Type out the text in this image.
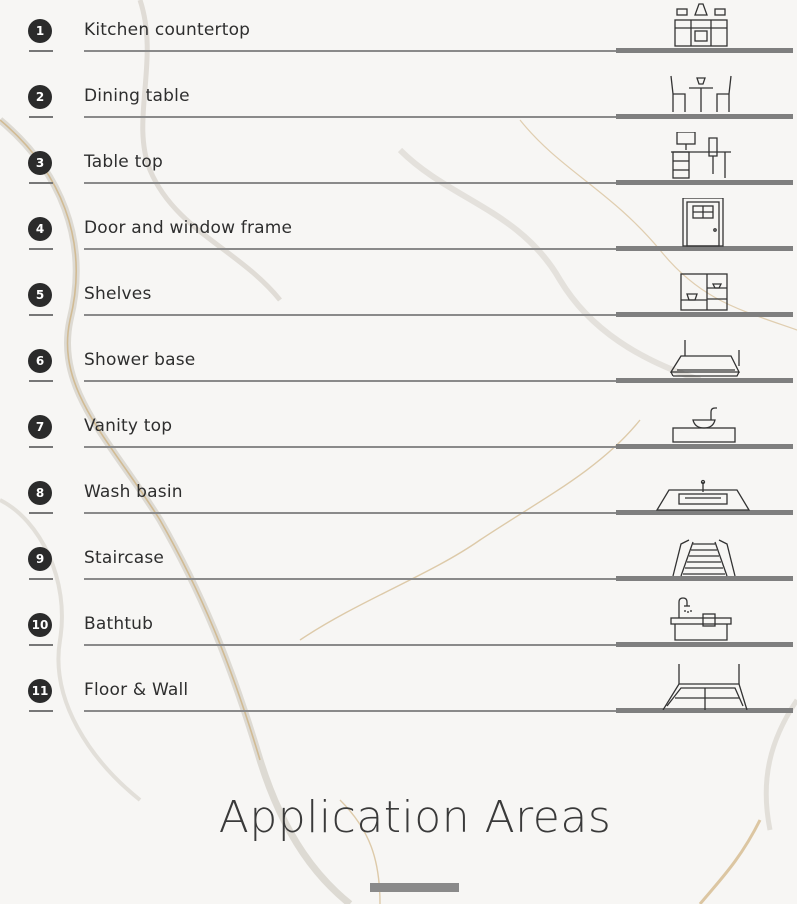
1	Kitchen countertop
2	Dining table
3	Table top
4	Door and window frame
5	Shelves
6	Shower base
7	Vanity top
8	Wash basin
9	Staircase
10 Bathtub
11 Floor & Wall
Application Areas
